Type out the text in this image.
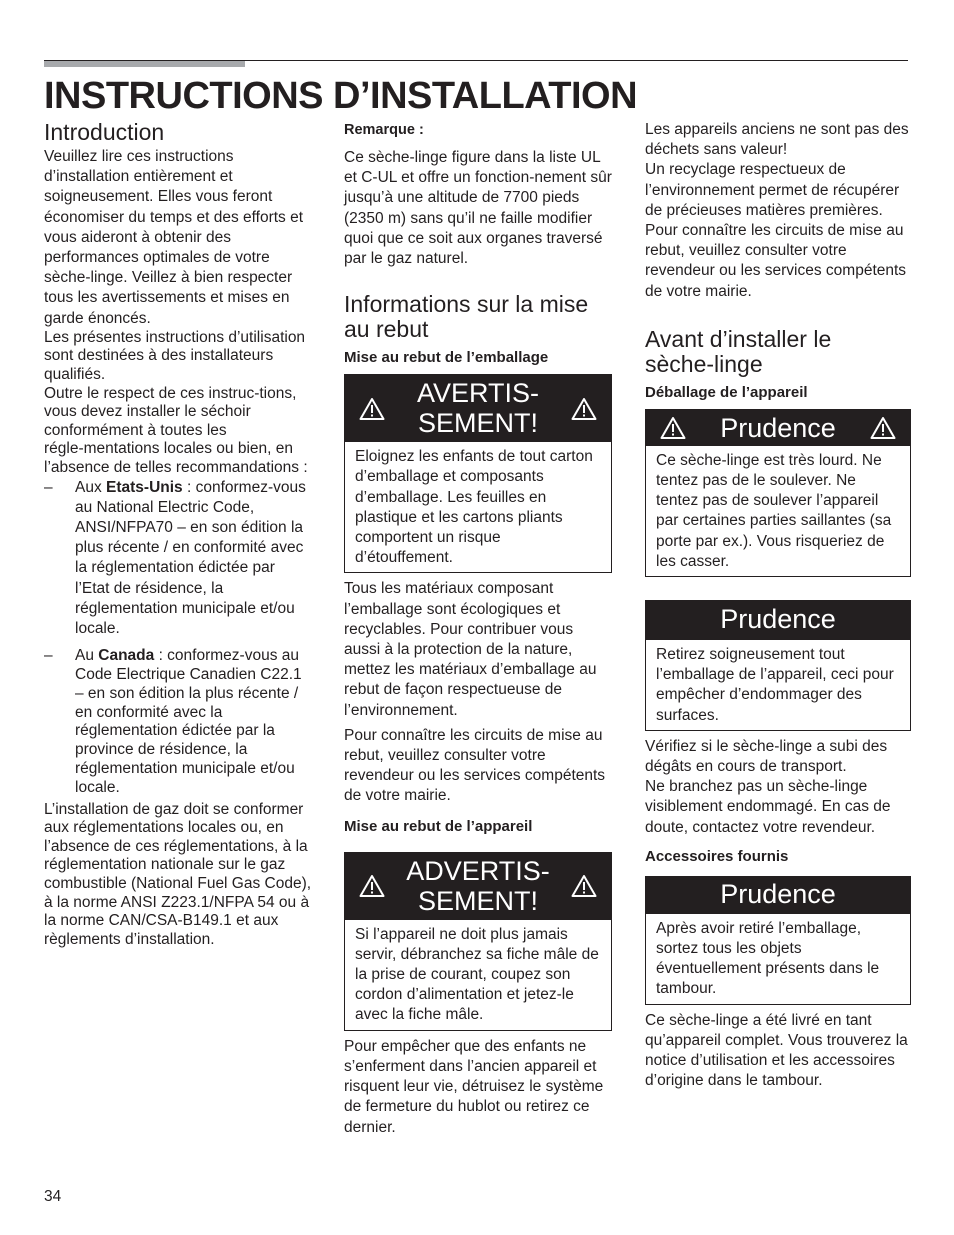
INSTRUCTIONS D’INSTALLATION
Introduction

Veuillez lire ces instructions d’installation entièrement et soigneusement. Elles vous feront économiser du temps et des efforts et vous aideront à obtenir des performances optimales de votre sèche‑linge. Veillez à bien respecter tous les avertissements et mises en garde énoncés.

Les présentes instructions d’utilisation sont destinées à des installateurs qualifiés.

Outre le respect de ces instruc‑tions, vous devez installer le séchoir conformément à toutes les régle‑mentations locales ou bien, en l’absence de telles recommandations :

– Aux Etats‑Unis : conformez‑vous au National Electric Code, ANSI/NFPA70 – en son édition la plus récente / en conformité avec la réglementation édictée par l’Etat de résidence, la réglementation municipale et/ou locale.
– Au Canada : conformez‑vous au Code Electrique Canadien C22.1 – en son édition la plus récente / en conformité avec la réglementation édictée par la province de résidence, la réglementation municipale et/ou locale.

L’installation de gaz doit se conformer aux réglementations locales ou, en l’absence de ces réglementations, à la réglementation nationale sur le gaz combustible (National Fuel Gas Code), à la norme ANSI Z223.1/NFPA 54 ou à la norme CAN/CSA‑B149.1 et aux règlements d’installation.

Remarque :

Ce sèche‑linge figure dans la liste UL et C‑UL et offre un fonction‑nement sûr jusqu’à une altitude de 7700 pieds (2350 m) sans qu’il ne faille modifier quoi que ce soit aux organes traversé par le gaz naturel.

Informations sur la mise au rebut
Mise au rebut de l’emballage
AVERTIS‑ SEMENT!

Eloignez les enfants de tout carton d’emballage et composants d’emballage. Les feuilles en plastique et les cartons pliants comportent un risque d’étouffement.

Tous les matériaux composant l’emballage sont écologiques et recyclables. Pour contribuer vous aussi à la protection de la nature, mettez les matériaux d’emballage au rebut de façon respectueuse de l’environnement.

Pour connaître les circuits de mise au rebut, veuillez consulter votre revendeur ou les services compétents de votre mairie.

Mise au rebut de l’appareil
ADVERTIS‑ SEMENT!

Si l’appareil ne doit plus jamais servir, débranchez sa fiche mâle de la prise de courant, coupez son cordon d’alimentation et jetez‑le avec la fiche mâle.

Pour empêcher que des enfants ne s’enferment dans l’ancien appareil et risquent leur vie, détruisez le système de fermeture du hublot ou retirez ce dernier.

Les appareils anciens ne sont pas des déchets sans valeur!

Un recyclage respectueux de l’environnement permet de récupérer de précieuses matières premières.

Pour connaître les circuits de mise au rebut, veuillez consulter votre revendeur ou les services compétents de votre mairie.

Avant d’installer le sèche‑linge
Déballage de l’appareil
Prudence

Ce sèche‑linge est très lourd. Ne tentez pas de le soulever. Ne tentez pas de soulever l’appareil par certaines parties saillantes (sa porte par ex.). Vous risqueriez de les casser.

Prudence

Retirez soigneusement tout l’emballage de l’appareil, ceci pour empêcher d’endommager des surfaces.

Vérifiez si le sèche‑linge a subi des dégâts en cours de transport.

Ne branchez pas un sèche‑linge visiblement endommagé. En cas de doute, contactez votre revendeur.

Accessoires fournis
Prudence

Après avoir retiré l’emballage, sortez tous les objets éventuellement présents dans le tambour.

Ce sèche‑linge a été livré en tant qu’appareil complet. Vous trouverez la notice d’utilisation et les accessoires d’origine dans le tambour.

34
